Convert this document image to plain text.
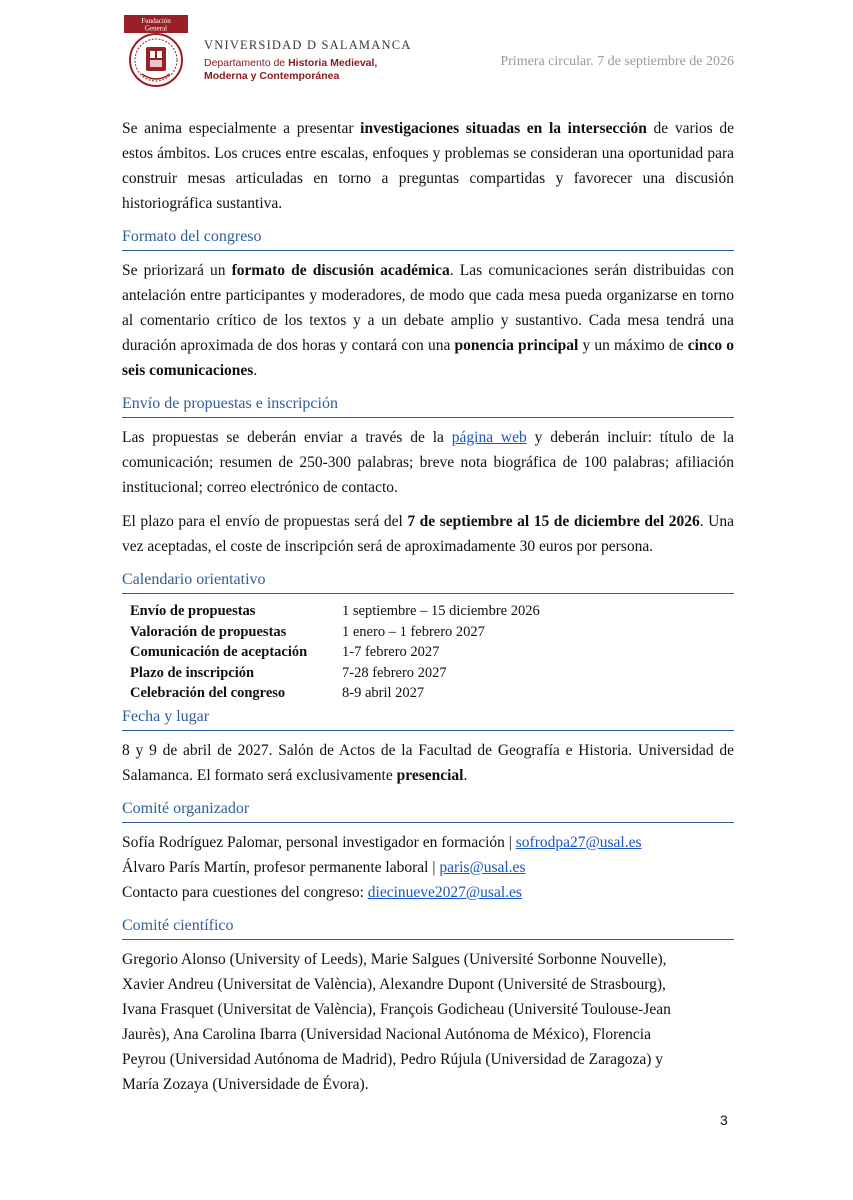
Fundación
General
VNIVERSIDAD D SALAMANCA
Departamento de Historia Medieval,
Moderna y Contemporánea
Primera circular. 7 de septiembre de 2026

Se anima especialmente a presentar investigaciones situadas en la intersección de varios de estos ámbitos. Los cruces entre escalas, enfoques y problemas se consideran una oportunidad para construir mesas articuladas en torno a preguntas compartidas y favorecer una discusión historiográfica sustantiva.

Formato del congreso

Se priorizará un formato de discusión académica. Las comunicaciones serán distribuidas con antelación entre participantes y moderadores, de modo que cada mesa pueda organizarse en torno al comentario crítico de los textos y a un debate amplio y sustantivo. Cada mesa tendrá una duración aproximada de dos horas y contará con una ponencia principal y un máximo de cinco o seis comunicaciones.

Envío de propuestas e inscripción

Las propuestas se deberán enviar a través de la página web y deberán incluir: título de la comunicación; resumen de 250-300 palabras; breve nota biográfica de 100 palabras; afiliación institucional; correo electrónico de contacto.

El plazo para el envío de propuestas será del 7 de septiembre al 15 de diciembre del 2026. Una vez aceptadas, el coste de inscripción será de aproximadamente 30 euros por persona.

Calendario orientativo
Envío de propuestas	1 septiembre – 15 diciembre 2026
Valoración de propuestas	1 enero – 1 febrero 2027
Comunicación de aceptación	1-7 febrero 2027
Plazo de inscripción	7-28 febrero 2027
Celebración del congreso	8-9 abril 2027
Fecha y lugar

8 y 9 de abril de 2027. Salón de Actos de la Facultad de Geografía e Historia. Universidad de Salamanca. El formato será exclusivamente presencial.

Comité organizador

Sofía Rodríguez Palomar, personal investigador en formación | sofrodpa27@usal.es
Álvaro París Martín, profesor permanente laboral | paris@usal.es
Contacto para cuestiones del congreso: diecinueve2027@usal.es

Comité científico

Gregorio Alonso (University of Leeds), Marie Salgues (Université Sorbonne Nouvelle),
Xavier Andreu (Universitat de València), Alexandre Dupont (Université de Strasbourg),
Ivana Frasquet (Universitat de València), François Godicheau (Université Toulouse-Jean
Jaurès), Ana Carolina Ibarra (Universidad Nacional Autónoma de México), Florencia
Peyrou (Universidad Autónoma de Madrid), Pedro Rújula (Universidad de Zaragoza) y
María Zozaya (Universidade de Évora).

3
